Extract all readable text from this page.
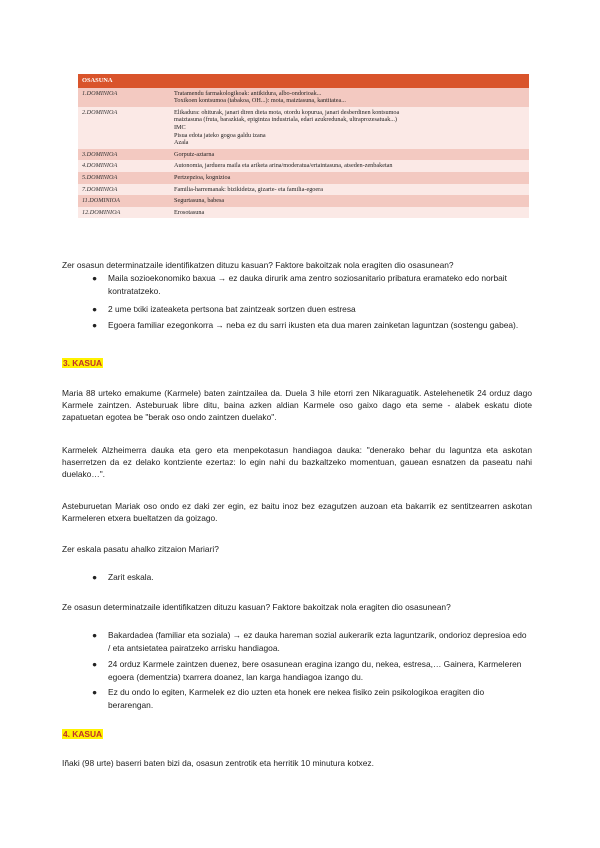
OSASUNA	
1.DOMINIOA	Tratamendu farmakologikoak: antikidura, albo-ondorioak...
Toxikoen kontsumoa (tabakoa, OH...): mota, maiztasuna, kantitatea...

2.DOMINIOA	Elikadura: ohiturak, janari diren dieta mota, otordu kopurua, janari desberdinen kontsumoa
maiztasuna (fruta, barazkiak, epigintza industriala, edari azukredunak, ultraprozesatuak...)
IMC
Pisua edota jateko gogoa galdu izana
Azala

3.DOMINIOA	Gorputz-aztarna

4.DOMINIOA	Autonomia, jarduera maila eta ariketa arina/moderatua/ertaintasuna, atseden-zenbaketan

5.DOMINIOA	Pertzepzioa, kognizioa

7.DOMINIOA	Familia-harremanak: bizikidetza, gizarte- eta familia-egoera

11.DOMINIOA	Segurtasuna, babesa

12.DOMINIOA	Erosotasuna
Zer osasun determinatzaile identifikatzen dituzu kasuan? Faktore bakoitzak nola eragiten dio osasunean?
● Maila sozioekonomiko baxua → ez dauka dirurik ama zentro soziosanitario pribatura eramateko edo norbait kontratatzeko.
● 2 ume txiki izateaketa pertsona bat zaintzeak sortzen duen estresa
● Egoera familiar ezegonkorra → neba ez du sarri ikusten eta dua maren zainketan laguntzan (sostengu gabea).
3. KASUA
Maria 88 urteko emakume (Karmele) baten zaintzailea da. Duela 3 hile etorri zen Nikaraguatik. Astelehenetik 24 orduz dago Karmele zaintzen. Asteburuak libre ditu, baina azken aldian Karmele oso gaixo dago eta seme - alabek eskatu diote zapatuetan egotea be "berak oso ondo zaintzen duelako".
Karmelek Alzheimerra dauka eta gero eta menpekotasun handiagoa dauka: "denerako behar du laguntza eta askotan haserretzen da ez delako kontziente ezertaz: lo egin nahi du bazkaltzeko momentuan, gauean esnatzen da paseatu nahi duelako…".
Asteburuetan Mariak oso ondo ez daki zer egin, ez baitu inoz bez ezagutzen auzoan eta bakarrik ez sentitzearren askotan Karmeleren etxera bueltatzen da goizago.
Zer eskala pasatu ahalko zitzaion Mariari?
● Zarit eskala.
Ze osasun determinatzaile identifikatzen dituzu kasuan? Faktore bakoitzak nola eragiten dio osasunean?
● Bakardadea (familiar eta soziala) → ez dauka hareman sozial aukerarik ezta laguntzarik, ondorioz depresioa edo / eta antsietatea pairatzeko arrisku handiagoa.
● 24 orduz Karmele zaintzen duenez, bere osasunean eragina izango du, nekea, estresa,… Gainera, Karmeleren egoera (dementzia) txarrera doanez, lan karga handiagoa izango du.
● Ez du ondo lo egiten, Karmelek ez dio uzten eta honek ere nekea fisiko zein psikologikoa eragiten dio berarengan.
4. KASUA
Iñaki (98 urte) baserri baten bizi da, osasun zentrotik eta herritik 10 minutura kotxez.
